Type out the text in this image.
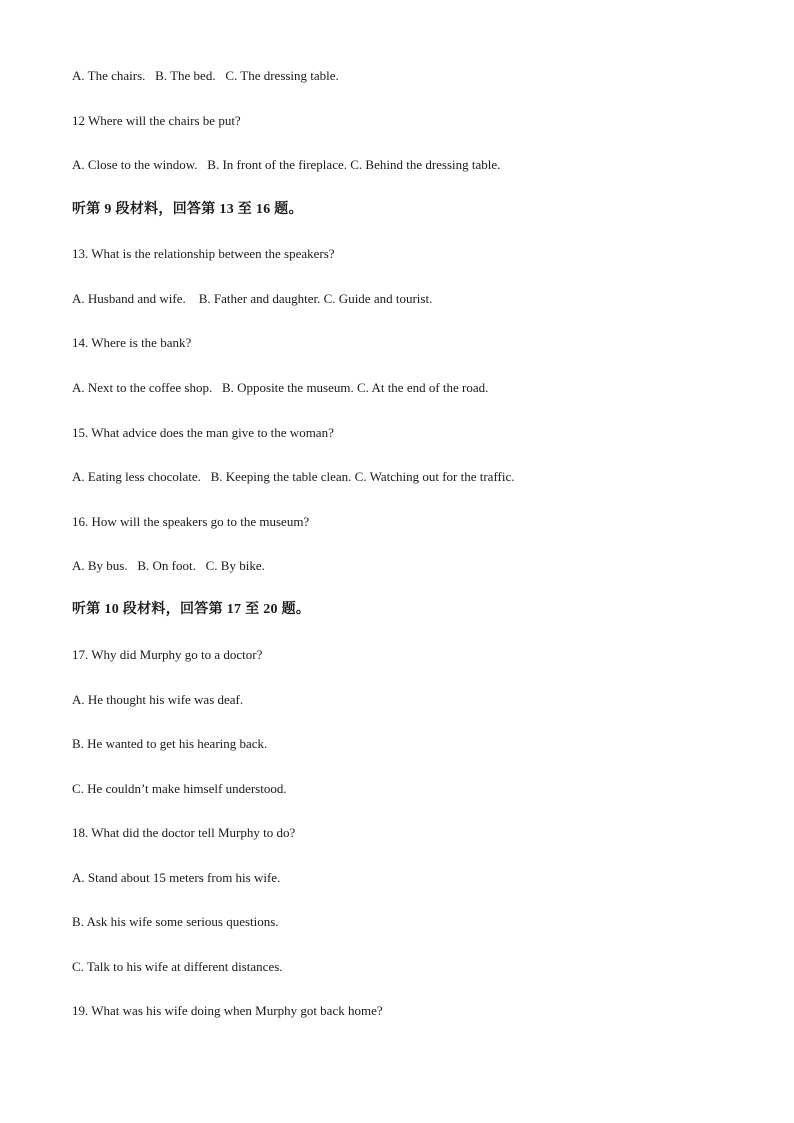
A. The chairs.   B. The bed.   C. The dressing table.
12 Where will the chairs be put?
A. Close to the window.   B. In front of the fireplace. C. Behind the dressing table.
听第 9 段材料，回答第 13 至 16 题。
13. What is the relationship between the speakers?
A. Husband and wife.    B. Father and daughter. C. Guide and tourist.
14. Where is the bank?
A. Next to the coffee shop.   B. Opposite the museum. C. At the end of the road.
15. What advice does the man give to the woman?
A. Eating less chocolate.   B. Keeping the table clean. C. Watching out for the traffic.
16. How will the speakers go to the museum?
A. By bus.   B. On foot.   C. By bike.
听第 10 段材料，回答第 17 至 20 题。
17. Why did Murphy go to a doctor?
A. He thought his wife was deaf.
B. He wanted to get his hearing back.
C. He couldn’t make himself understood.
18. What did the doctor tell Murphy to do?
A. Stand about 15 meters from his wife.
B. Ask his wife some serious questions.
C. Talk to his wife at different distances.
19. What was his wife doing when Murphy got back home?
